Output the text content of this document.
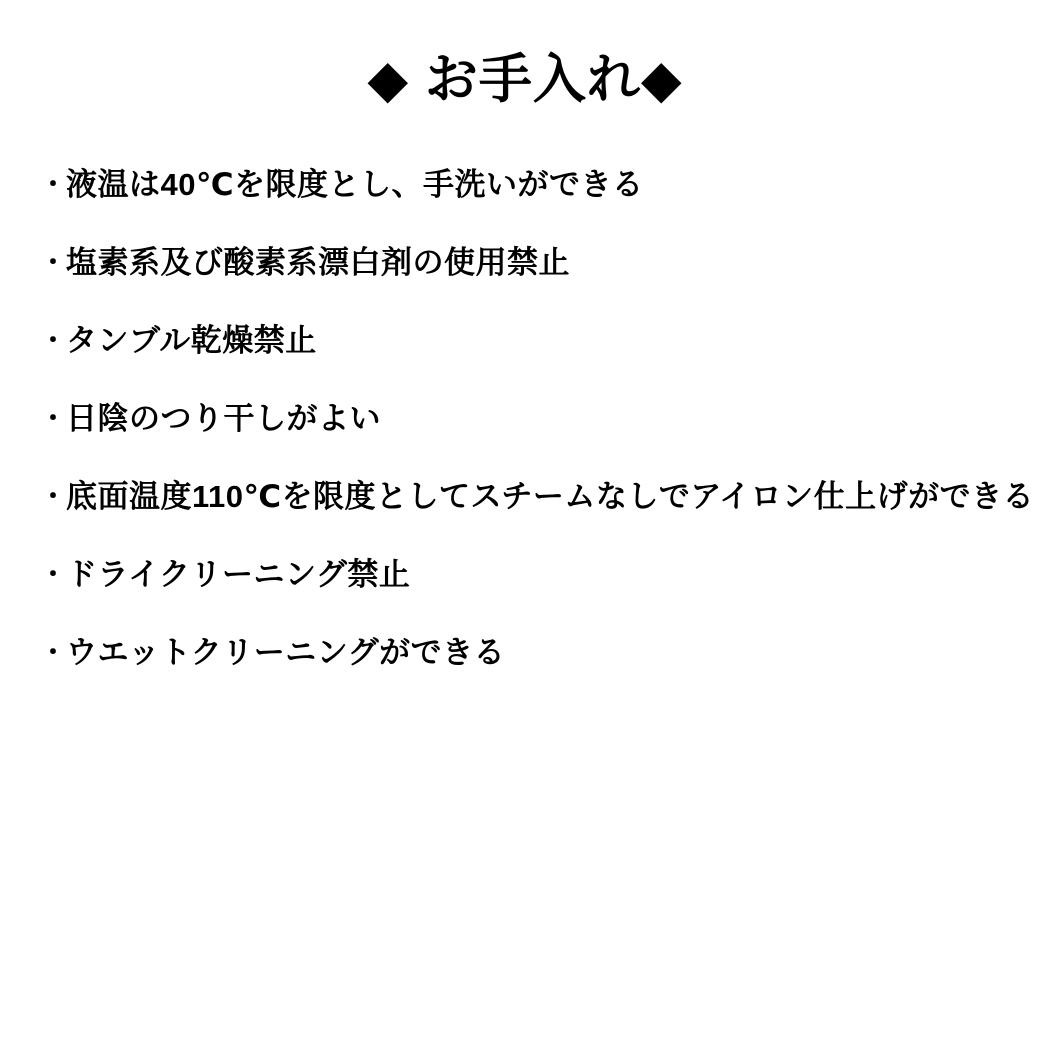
◆ お手入れ◆
・液温は40℃を限度とし、手洗いができる
・塩素系及び酸素系漂白剤の使用禁止
・タンブル乾燥禁止
・日陰のつり干しがよい
・底面温度110℃を限度としてスチームなしでアイロン仕上げができる
・ドライクリーニング禁止
・ウエットクリーニングができる
